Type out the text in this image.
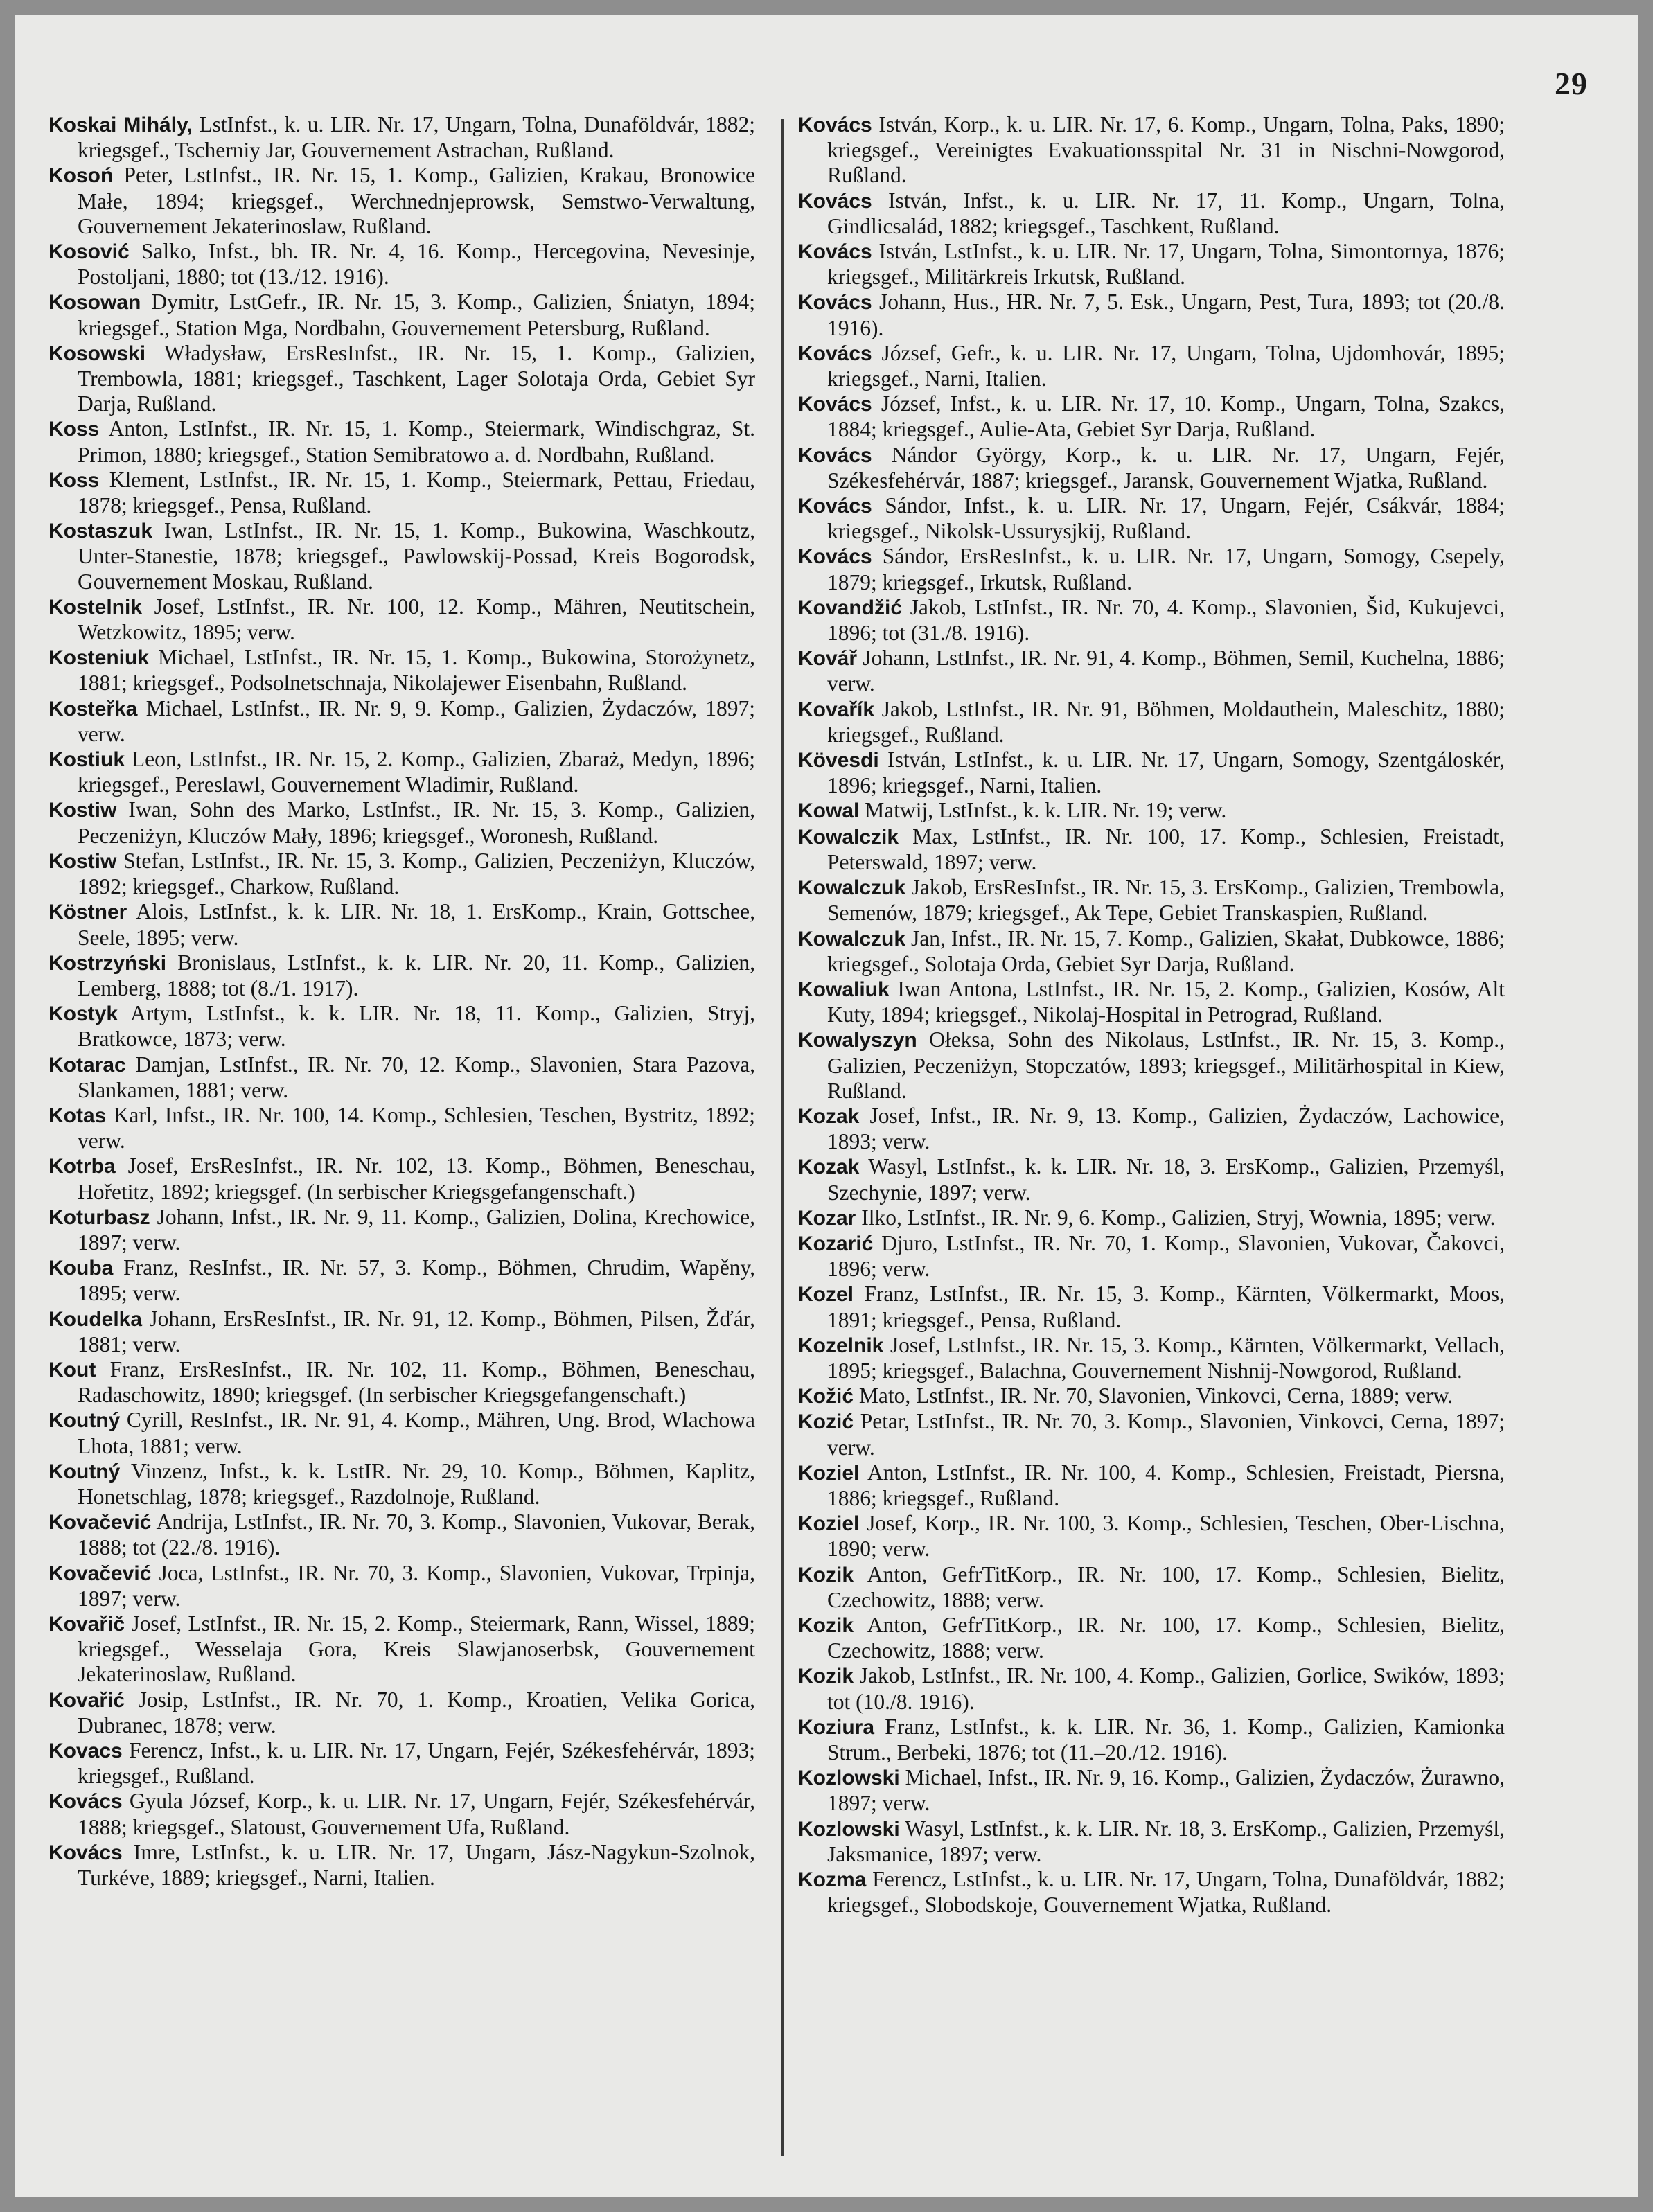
29

Koskai Mihály, LstInfst., k. u. LIR. Nr. 17, Ungarn, Tolna, Dunaföldvár, 1882; kriegsgef., Tscherniy Jar, Gouvernement Astrachan, Rußland.

Kosoń Peter, LstInfst., IR. Nr. 15, 1. Komp., Galizien, Krakau, Bronowice Małe, 1894; kriegsgef., Werchnednjeprowsk, Semstwo-Verwaltung, Gouvernement Jekaterinoslaw, Rußland.

Kosović Salko, Infst., bh. IR. Nr. 4, 16. Komp., Hercegovina, Nevesinje, Postoljani, 1880; tot (13./12. 1916).

Kosowan Dymitr, LstGefr., IR. Nr. 15, 3. Komp., Galizien, Śniatyn, 1894; kriegsgef., Station Mga, Nordbahn, Gouvernement Petersburg, Rußland.

Kosowski Władysław, ErsResInfst., IR. Nr. 15, 1. Komp., Galizien, Trembowla, 1881; kriegsgef., Taschkent, Lager Solotaja Orda, Gebiet Syr Darja, Rußland.

Koss Anton, LstInfst., IR. Nr. 15, 1. Komp., Steiermark, Windischgraz, St. Primon, 1880; kriegsgef., Station Semibratowo a. d. Nordbahn, Rußland.

Koss Klement, LstInfst., IR. Nr. 15, 1. Komp., Steiermark, Pettau, Friedau, 1878; kriegsgef., Pensa, Rußland.

Kostaszuk Iwan, LstInfst., IR. Nr. 15, 1. Komp., Bukowina, Waschkoutz, Unter-Stanestie, 1878; kriegsgef., Pawlowskij-Possad, Kreis Bogorodsk, Gouvernement Moskau, Rußland.

Kostelnik Josef, LstInfst., IR. Nr. 100, 12. Komp., Mähren, Neutitschein, Wetzkowitz, 1895; verw.

Kosteniuk Michael, LstInfst., IR. Nr. 15, 1. Komp., Bukowina, Storożynetz, 1881; kriegsgef., Podsolnetschnaja, Nikolajewer Eisenbahn, Rußland.

Kosteřka Michael, LstInfst., IR. Nr. 9, 9. Komp., Galizien, Żydaczów, 1897; verw.

Kostiuk Leon, LstInfst., IR. Nr. 15, 2. Komp., Galizien, Zbaraż, Medyn, 1896; kriegsgef., Pereslawl, Gouvernement Wladimir, Rußland.

Kostiw Iwan, Sohn des Marko, LstInfst., IR. Nr. 15, 3. Komp., Galizien, Peczeniżyn, Kluczów Mały, 1896; kriegsgef., Woronesh, Rußland.

Kostiw Stefan, LstInfst., IR. Nr. 15, 3. Komp., Galizien, Peczeniżyn, Kluczów, 1892; kriegsgef., Charkow, Rußland.

Köstner Alois, LstInfst., k. k. LIR. Nr. 18, 1. ErsKomp., Krain, Gottschee, Seele, 1895; verw.

Kostrzyński Bronislaus, LstInfst., k. k. LIR. Nr. 20, 11. Komp., Galizien, Lemberg, 1888; tot (8./1. 1917).

Kostyk Artym, LstInfst., k. k. LIR. Nr. 18, 11. Komp., Galizien, Stryj, Bratkowce, 1873; verw.

Kotarac Damjan, LstInfst., IR. Nr. 70, 12. Komp., Slavonien, Stara Pazova, Slankamen, 1881; verw.

Kotas Karl, Infst., IR. Nr. 100, 14. Komp., Schlesien, Teschen, Bystritz, 1892; verw.

Kotrba Josef, ErsResInfst., IR. Nr. 102, 13. Komp., Böhmen, Beneschau, Hořetitz, 1892; kriegsgef. (In serbischer Kriegsgefangenschaft.)

Koturbasz Johann, Infst., IR. Nr. 9, 11. Komp., Galizien, Dolina, Krechowice, 1897; verw.

Kouba Franz, ResInfst., IR. Nr. 57, 3. Komp., Böhmen, Chrudim, Wapěny, 1895; verw.

Koudelka Johann, ErsResInfst., IR. Nr. 91, 12. Komp., Böhmen, Pilsen, Žďár, 1881; verw.

Kout Franz, ErsResInfst., IR. Nr. 102, 11. Komp., Böhmen, Beneschau, Radaschowitz, 1890; kriegsgef. (In serbischer Kriegsgefangenschaft.)

Koutný Cyrill, ResInfst., IR. Nr. 91, 4. Komp., Mähren, Ung. Brod, Wlachowa Lhota, 1881; verw.

Koutný Vinzenz, Infst., k. k. LstIR. Nr. 29, 10. Komp., Böhmen, Kaplitz, Honetschlag, 1878; kriegsgef., Razdolnoje, Rußland.

Kovačević Andrija, LstInfst., IR. Nr. 70, 3. Komp., Slavonien, Vukovar, Berak, 1888; tot (22./8. 1916).

Kovačević Joca, LstInfst., IR. Nr. 70, 3. Komp., Slavonien, Vukovar, Trpinja, 1897; verw.

Kovařič Josef, LstInfst., IR. Nr. 15, 2. Komp., Steiermark, Rann, Wissel, 1889; kriegsgef., Wesselaja Gora, Kreis Slawjanoserbsk, Gouvernement Jekaterinoslaw, Rußland.

Kovařić Josip, LstInfst., IR. Nr. 70, 1. Komp., Kroatien, Velika Gorica, Dubranec, 1878; verw.

Kovacs Ferencz, Infst., k. u. LIR. Nr. 17, Ungarn, Fejér, Székesfehérvár, 1893; kriegsgef., Rußland.

Kovács Gyula József, Korp., k. u. LIR. Nr. 17, Ungarn, Fejér, Székesfehérvár, 1888; kriegsgef., Slatoust, Gouvernement Ufa, Rußland.

Kovács Imre, LstInfst., k. u. LIR. Nr. 17, Ungarn, Jász-Nagykun-Szolnok, Turkéve, 1889; kriegsgef., Narni, Italien.

Kovács István, Korp., k. u. LIR. Nr. 17, 6. Komp., Ungarn, Tolna, Paks, 1890; kriegsgef., Vereinigtes Evakuationsspital Nr. 31 in Nischni-Nowgorod, Rußland.

Kovács István, Infst., k. u. LIR. Nr. 17, 11. Komp., Ungarn, Tolna, Gindlicsalád, 1882; kriegsgef., Taschkent, Rußland.

Kovács István, LstInfst., k. u. LIR. Nr. 17, Ungarn, Tolna, Simontornya, 1876; kriegsgef., Militärkreis Irkutsk, Rußland.

Kovács Johann, Hus., HR. Nr. 7, 5. Esk., Ungarn, Pest, Tura, 1893; tot (20./8. 1916).

Kovács József, Gefr., k. u. LIR. Nr. 17, Ungarn, Tolna, Ujdomhovár, 1895; kriegsgef., Narni, Italien.

Kovács József, Infst., k. u. LIR. Nr. 17, 10. Komp., Ungarn, Tolna, Szakcs, 1884; kriegsgef., Aulie-Ata, Gebiet Syr Darja, Rußland.

Kovács Nándor György, Korp., k. u. LIR. Nr. 17, Ungarn, Fejér, Székesfehérvár, 1887; kriegsgef., Jaransk, Gouvernement Wjatka, Rußland.

Kovács Sándor, Infst., k. u. LIR. Nr. 17, Ungarn, Fejér, Csákvár, 1884; kriegsgef., Nikolsk-Ussurysjkij, Rußland.

Kovács Sándor, ErsResInfst., k. u. LIR. Nr. 17, Ungarn, Somogy, Csepely, 1879; kriegsgef., Irkutsk, Rußland.

Kovandžić Jakob, LstInfst., IR. Nr. 70, 4. Komp., Slavonien, Šid, Kukujevci, 1896; tot (31./8. 1916).

Kovář Johann, LstInfst., IR. Nr. 91, 4. Komp., Böhmen, Semil, Kuchelna, 1886; verw.

Kovařík Jakob, LstInfst., IR. Nr. 91, Böhmen, Moldauthein, Maleschitz, 1880; kriegsgef., Rußland.

Kövesdi István, LstInfst., k. u. LIR. Nr. 17, Ungarn, Somogy, Szentgáloskér, 1896; kriegsgef., Narni, Italien.

Kowal Matwij, LstInfst., k. k. LIR. Nr. 19; verw.

Kowalczik Max, LstInfst., IR. Nr. 100, 17. Komp., Schlesien, Freistadt, Peterswald, 1897; verw.

Kowalczuk Jakob, ErsResInfst., IR. Nr. 15, 3. ErsKomp., Galizien, Trembowla, Semenów, 1879; kriegsgef., Ak Tepe, Gebiet Transkaspien, Rußland.

Kowalczuk Jan, Infst., IR. Nr. 15, 7. Komp., Galizien, Skałat, Dubkowce, 1886; kriegsgef., Solotaja Orda, Gebiet Syr Darja, Rußland.

Kowaliuk Iwan Antona, LstInfst., IR. Nr. 15, 2. Komp., Galizien, Kosów, Alt Kuty, 1894; kriegsgef., Nikolaj-Hospital in Petrograd, Rußland.

Kowalyszyn Ołeksa, Sohn des Nikolaus, LstInfst., IR. Nr. 15, 3. Komp., Galizien, Peczeniżyn, Stopczatów, 1893; kriegsgef., Militärhospital in Kiew, Rußland.

Kozak Josef, Infst., IR. Nr. 9, 13. Komp., Galizien, Żydaczów, Lachowice, 1893; verw.

Kozak Wasyl, LstInfst., k. k. LIR. Nr. 18, 3. ErsKomp., Galizien, Przemyśl, Szechynie, 1897; verw.

Kozar Ilko, LstInfst., IR. Nr. 9, 6. Komp., Galizien, Stryj, Wownia, 1895; verw.

Kozarić Djuro, LstInfst., IR. Nr. 70, 1. Komp., Slavonien, Vukovar, Čakovci, 1896; verw.

Kozel Franz, LstInfst., IR. Nr. 15, 3. Komp., Kärnten, Völkermarkt, Moos, 1891; kriegsgef., Pensa, Rußland.

Kozelnik Josef, LstInfst., IR. Nr. 15, 3. Komp., Kärnten, Völkermarkt, Vellach, 1895; kriegsgef., Balachna, Gouvernement Nishnij-Nowgorod, Rußland.

Kožić Mato, LstInfst., IR. Nr. 70, Slavonien, Vinkovci, Cerna, 1889; verw.

Kozić Petar, LstInfst., IR. Nr. 70, 3. Komp., Slavonien, Vinkovci, Cerna, 1897; verw.

Koziel Anton, LstInfst., IR. Nr. 100, 4. Komp., Schlesien, Freistadt, Piersna, 1886; kriegsgef., Rußland.

Koziel Josef, Korp., IR. Nr. 100, 3. Komp., Schlesien, Teschen, Ober-Lischna, 1890; verw.

Kozik Anton, GefrTitKorp., IR. Nr. 100, 17. Komp., Schlesien, Bielitz, Czechowitz, 1888; verw.

Kozik Anton, GefrTitKorp., IR. Nr. 100, 17. Komp., Schlesien, Bielitz, Czechowitz, 1888; verw.

Kozik Jakob, LstInfst., IR. Nr. 100, 4. Komp., Galizien, Gorlice, Swików, 1893; tot (10./8. 1916).

Koziura Franz, LstInfst., k. k. LIR. Nr. 36, 1. Komp., Galizien, Kamionka Strum., Berbeki, 1876; tot (11.–20./12. 1916).

Kozlowski Michael, Infst., IR. Nr. 9, 16. Komp., Galizien, Żydaczów, Żurawno, 1897; verw.

Kozlowski Wasyl, LstInfst., k. k. LIR. Nr. 18, 3. ErsKomp., Galizien, Przemyśl, Jaksmanice, 1897; verw.

Kozma Ferencz, LstInfst., k. u. LIR. Nr. 17, Ungarn, Tolna, Dunaföldvár, 1882; kriegsgef., Slobodskoje, Gouvernement Wjatka, Rußland.
